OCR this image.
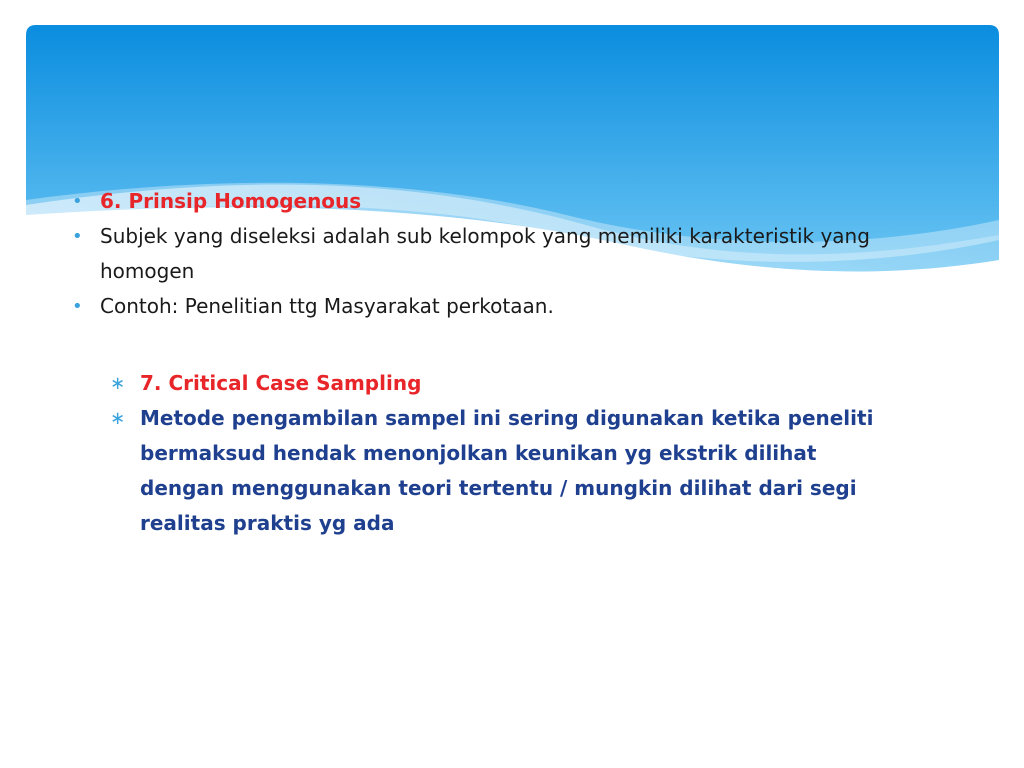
• 6. Prinsip Homogenous
• Subjek yang diseleksi adalah sub kelompok yang memiliki karakteristik yang homogen
• Contoh: Penelitian ttg Masyarakat perkotaan.
∗ 7. Critical Case Sampling
∗ Metode pengambilan sampel ini sering digunakan ketika peneliti bermaksud hendak menonjolkan keunikan yg ekstrik dilihat dengan menggunakan teori tertentu / mungkin dilihat dari segi realitas praktis yg ada
